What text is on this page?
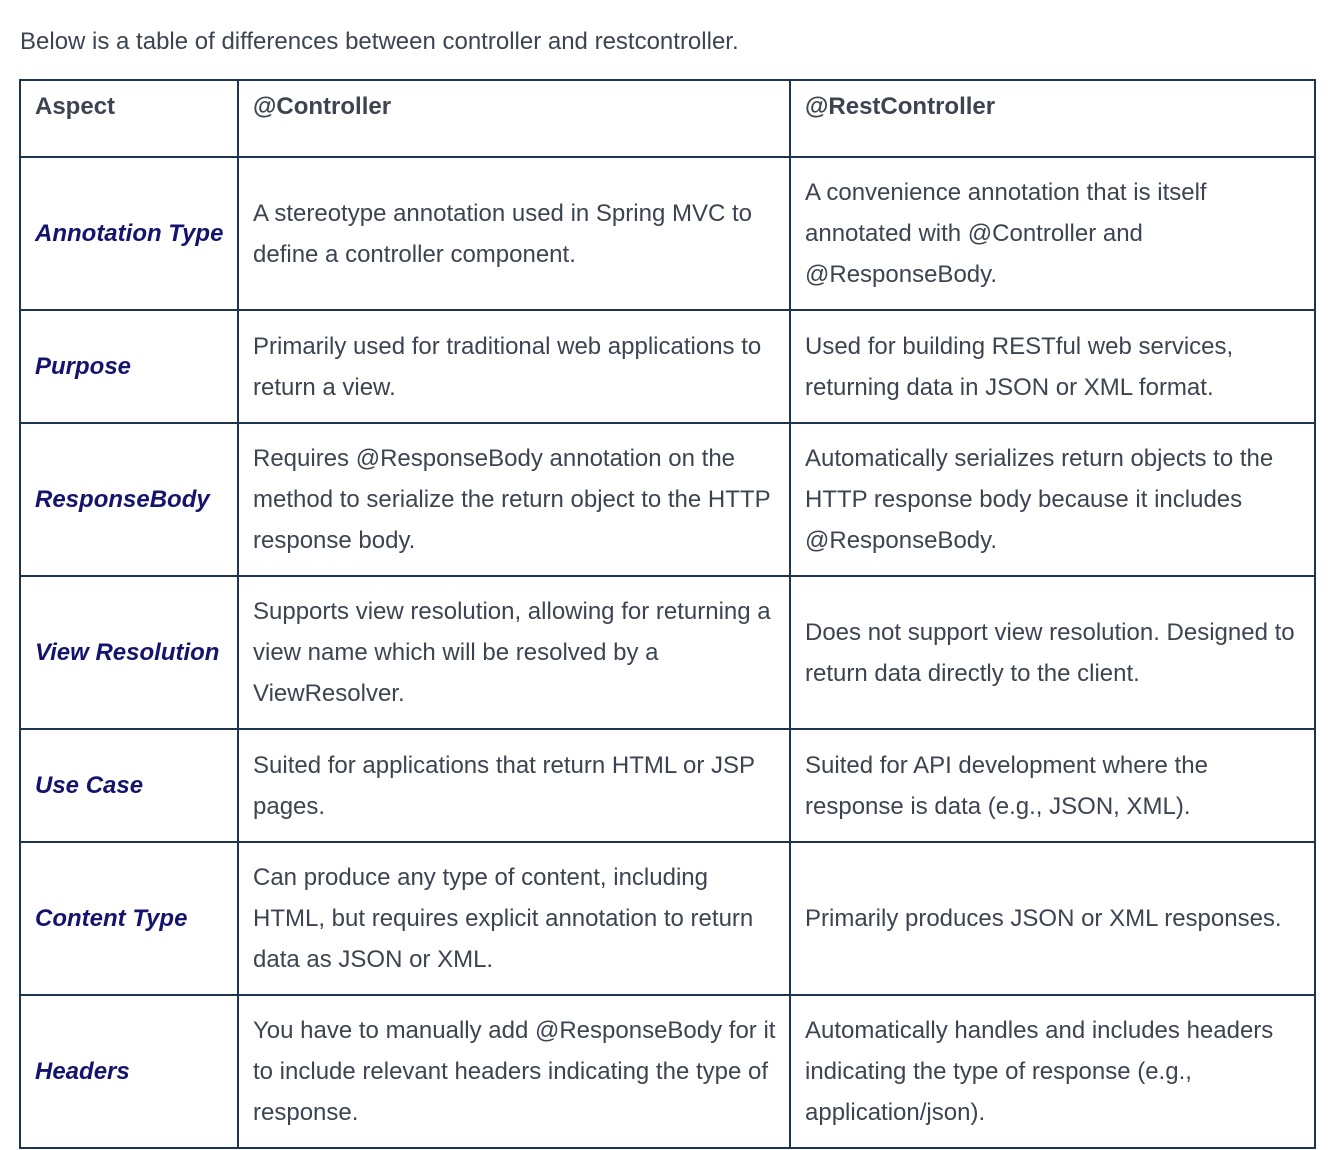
Below is a table of differences between controller and restcontroller.

Aspect	@Controller	@RestController
Annotation Type	A stereotype annotation used in Spring MVC to define a controller component.	A convenience annotation that is itself annotated with @Controller and @ResponseBody.
Purpose	Primarily used for traditional web applications to return a view.	Used for building RESTful web services, returning data in JSON or XML format.
ResponseBody	Requires @ResponseBody annotation on the method to serialize the return object to the HTTP response body.	Automatically serializes return objects to the HTTP response body because it includes @ResponseBody.
View Resolution	Supports view resolution, allowing for returning a view name which will be resolved by a ViewResolver.	Does not support view resolution. Designed to return data directly to the client.
Use Case	Suited for applications that return HTML or JSP pages.	Suited for API development where the response is data (e.g., JSON, XML).
Content Type	Can produce any type of content, including HTML, but requires explicit annotation to return data as JSON or XML.	Primarily produces JSON or XML responses.
Headers	You have to manually add @ResponseBody for it to include relevant headers indicating the type of response.	Automatically handles and includes headers indicating the type of response (e.g., application/json).
